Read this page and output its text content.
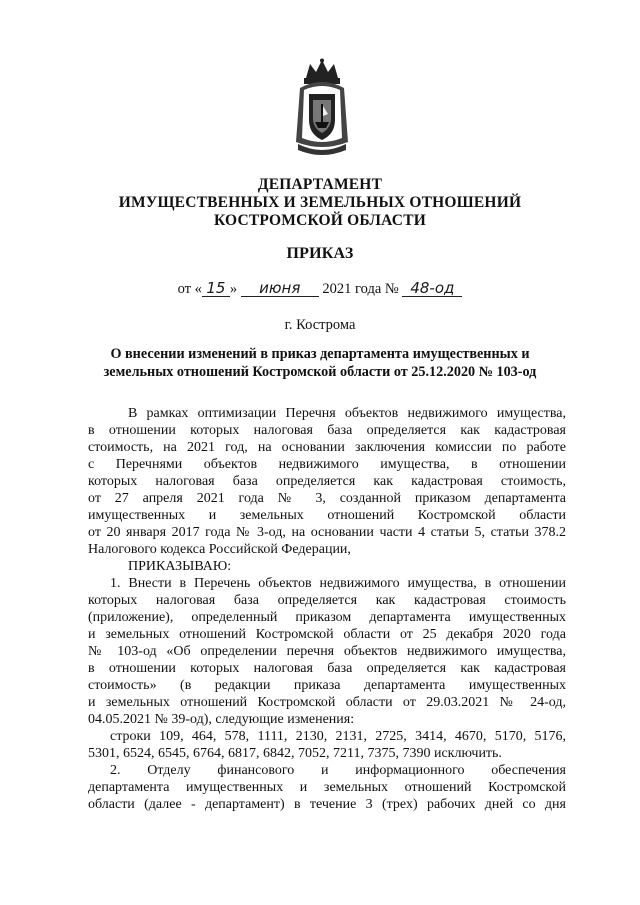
ДЕПАРТАМЕНТ
ИМУЩЕСТВЕННЫХ И ЗЕМЕЛЬНЫХ ОТНОШЕНИЙ
КОСТРОМСКОЙ ОБЛАСТИ
ПРИКАЗ
от « 15 » июня 2021 года № 48-од
г. Кострома
О внесении изменений в приказ департамента имущественных и
земельных отношений Костромской области от 25.12.2020 № 103-од
В рамках оптимизации Перечня объектов недвижимого имущества,
в отношении которых налоговая база определяется как кадастровая
стоимость, на 2021 год, на основании заключения комиссии по работе
с Перечнями объектов недвижимого имущества, в отношении
которых налоговая база определяется как кадастровая стоимость,
от 27 апреля 2021 года № 3, созданной приказом департамента
имущественных и земельных отношений Костромской области
от 20 января 2017 года № 3-од, на основании части 4 статьи 5, статьи 378.2
Налогового кодекса Российской Федерации,
ПРИКАЗЫВАЮ:
1. Внести в Перечень объектов недвижимого имущества, в отношении
которых налоговая база определяется как кадастровая стоимость
(приложение), определенный приказом департамента имущественных
и земельных отношений Костромской области от 25 декабря 2020 года
№ 103-од «Об определении перечня объектов недвижимого имущества,
в отношении которых налоговая база определяется как кадастровая
стоимость» (в редакции приказа департамента имущественных
и земельных отношений Костромской области от 29.03.2021 № 24-од,
04.05.2021 № 39-од), следующие изменения:
строки 109, 464, 578, 1111, 2130, 2131, 2725, 3414, 4670, 5170, 5176,
5301, 6524, 6545, 6764, 6817, 6842, 7052, 7211, 7375, 7390 исключить.
2. Отделу финансового и информационного обеспечения
департамента имущественных и земельных отношений Костромской
области (далее - департамент) в течение 3 (трех) рабочих дней со дня
